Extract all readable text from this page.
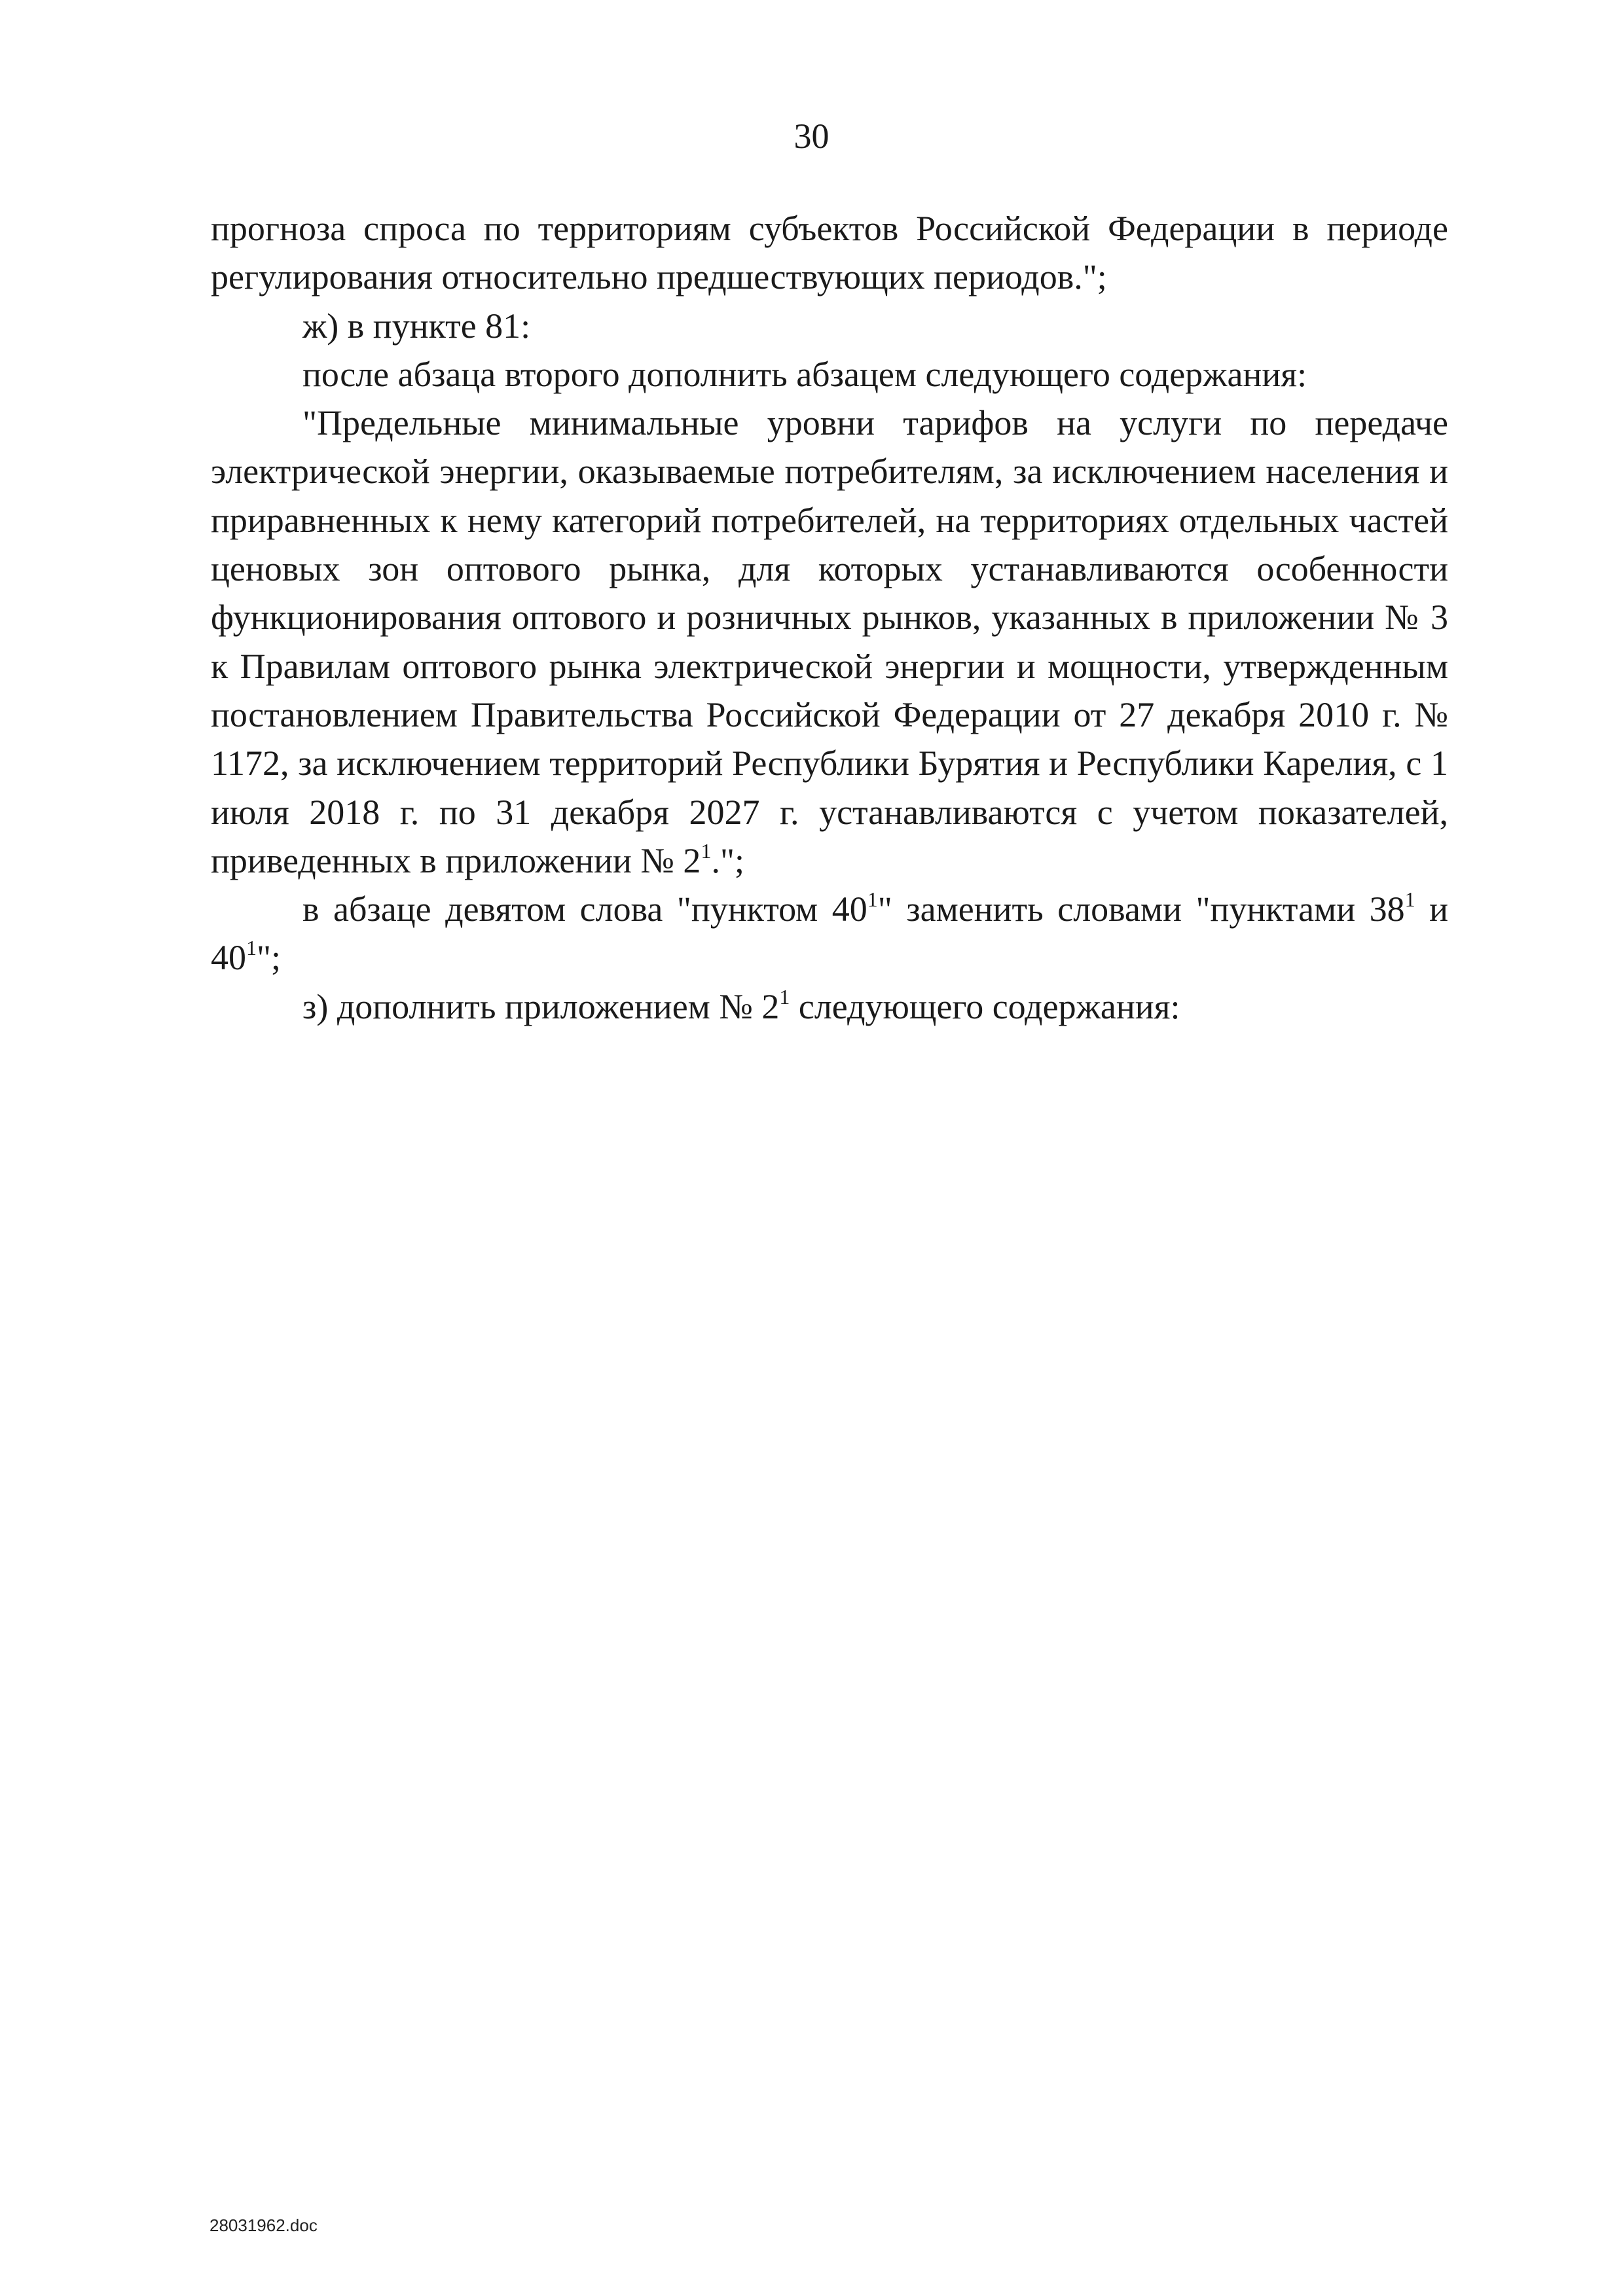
30

прогноза спроса по территориям субъектов Российской Федерации в периоде регулирования относительно предшествующих периодов.";

ж) в пункте 81:

после абзаца второго дополнить абзацем следующего содержания:

"Предельные минимальные уровни тарифов на услуги по передаче электрической энергии, оказываемые потребителям, за исключением населения и приравненных к нему категорий потребителей, на территориях отдельных частей ценовых зон оптового рынка, для которых устанавливаются особенности функционирования оптового и розничных рынков, указанных в приложении № 3 к Правилам оптового рынка электрической энергии и мощности, утвержденным постановлением Правительства Российской Федерации от 27 декабря 2010 г. № 1172, за исключением территорий Республики Бурятия и Республики Карелия, с 1 июля 2018 г. по 31 декабря 2027 г. устанавливаются с учетом показателей, приведенных в приложении № $2^1$.";

в абзаце девятом слова "пунктом $40^1$" заменить словами "пунктами $38^1$ и $40^1$";

з) дополнить приложением № $2^1$ следующего содержания:

28031962.doc
